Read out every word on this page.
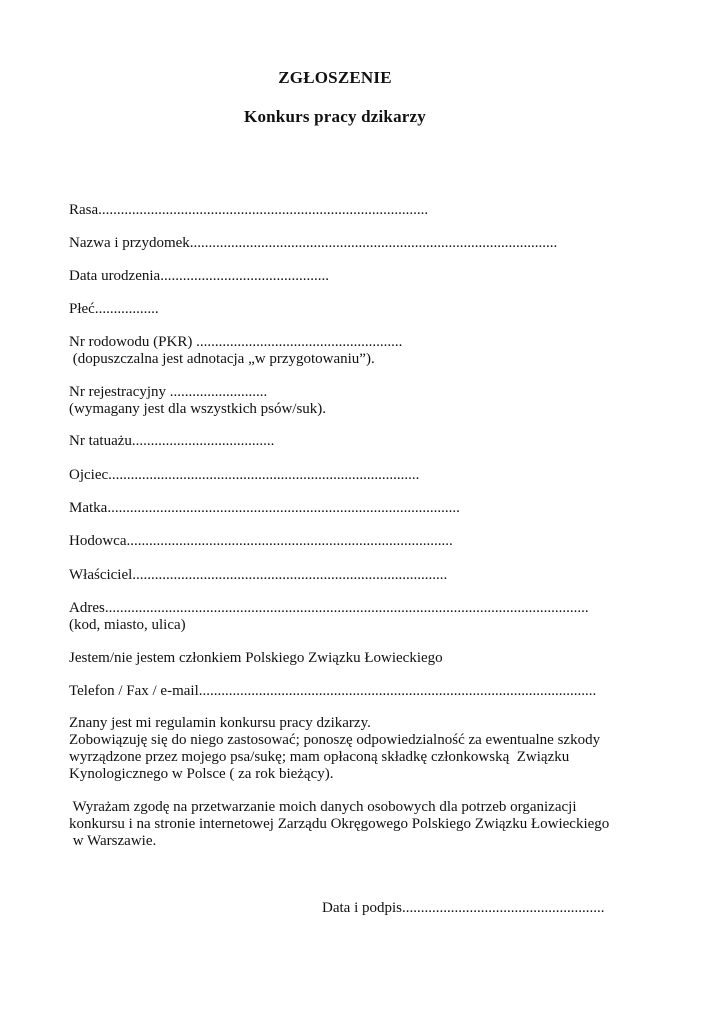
ZGŁOSZENIE
Konkurs pracy dzikarzy
Rasa........................................................................................
Nazwa i przydomek..................................................................................................
Data urodzenia.............................................
Płeć.................
Nr rodowodu (PKR) .......................................................
(dopuszczalna jest adnotacja „w przygotowaniu”).
Nr rejestracyjny ..........................
(wymagany jest dla wszystkich psów/suk).
Nr tatuażu......................................
Ojciec...................................................................................
Matka..............................................................................................
Hodowca.......................................................................................
Właściciel....................................................................................
Adres.................................................................................................................................
(kod, miasto, ulica)
Jestem/nie jestem członkiem Polskiego Związku Łowieckiego
Telefon / Fax / e-mail..........................................................................................................
Znany jest mi regulamin konkursu pracy dzikarzy.
Zobowiązuję się do niego zastosować; ponoszę odpowiedzialność za ewentualne szkody
wyrządzone przez mojego psa/sukę; mam opłaconą składkę członkowską  Związku
Kynologicznego w Polsce ( za rok bieżący).
Wyrażam zgodę na przetwarzanie moich danych osobowych dla potrzeb organizacji
konkursu i na stronie internetowej Zarządu Okręgowego Polskiego Związku Łowieckiego
w Warszawie.
Data i podpis......................................................
